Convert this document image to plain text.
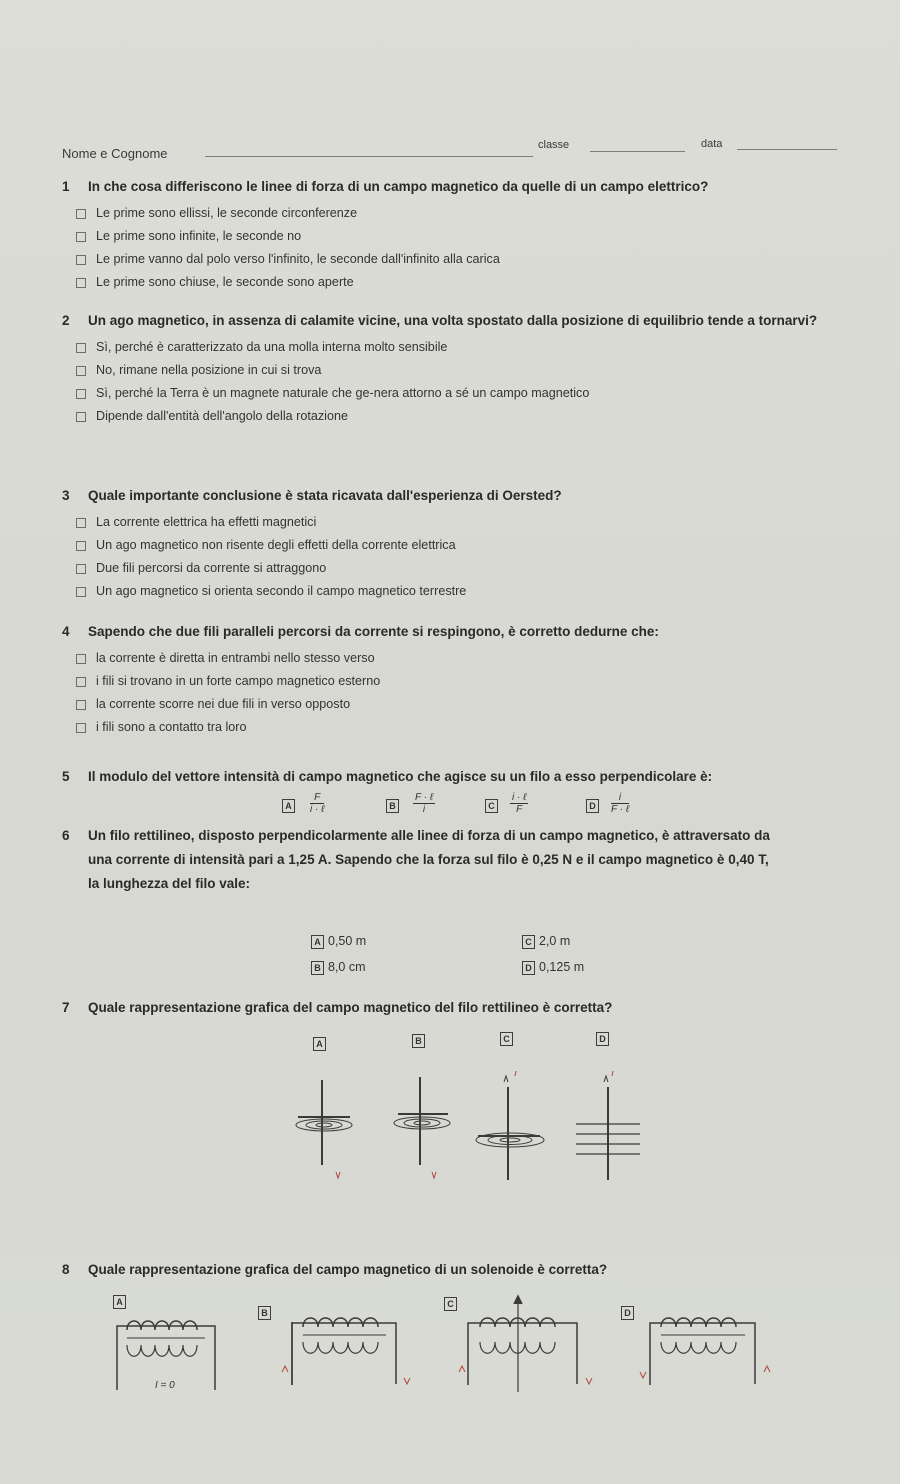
Nome e Cognome
classe	data
1 In che cosa differiscono le linee di forza di un campo magnetico da quelle di un campo elettrico?
Le prime sono ellissi, le seconde circonferenze
Le prime sono infinite, le seconde no
Le prime vanno dal polo verso l'infinito, le seconde dall'infinito alla carica
Le prime sono chiuse, le seconde sono aperte
2 Un ago magnetico, in assenza di calamite vicine, una volta spostato dalla posizione di equilibrio tende a tornarvi?
Sì, perché è caratterizzato da una molla interna molto sensibile
No, rimane nella posizione in cui si trova
Sì, perché la Terra è un magnete naturale che ge-nera attorno a sé un campo magnetico
Dipende dall'entità dell'angolo della rotazione
3 Quale importante conclusione è stata ricavata dall'esperienza di Oersted?
La corrente elettrica ha effetti magnetici
Un ago magnetico non risente degli effetti della corrente elettrica
Due fili percorsi da corrente si attraggono
Un ago magnetico si orienta secondo il campo magnetico terrestre
4 Sapendo che due fili paralleli percorsi da corrente si respingono, è corretto dedurne che:
la corrente è diretta in entrambi nello stesso verso
i fili si trovano in un forte campo magnetico esterno
la corrente scorre nei due fili in verso opposto
i fili sono a contatto tra loro
5 Il modulo del vettore intensità di campo magnetico che agisce su un filo a esso perpendicolare è:
A
F
i · ℓ	B
F · ℓ
i	C
i · ℓ
F	D
i
F · ℓ
6 Un filo rettilineo, disposto perpendicolarmente alle linee di forza di un campo magnetico, è attraversato da
una corrente di intensità pari a 1,25 A. Sapendo che la forza sul filo è 0,25 N e il campo magnetico è 0,40 T,
la lunghezza del filo vale:
A 0,50 m	C 2,0 m
B 8,0 cm	D 0,125 m
7 Quale rappresentazione grafica del campo magnetico del filo rettilineo è corretta?
A	B	C	D
8 Quale rappresentazione grafica del campo magnetico di un solenoide è corretta?
A
B
C
D
I = 0
